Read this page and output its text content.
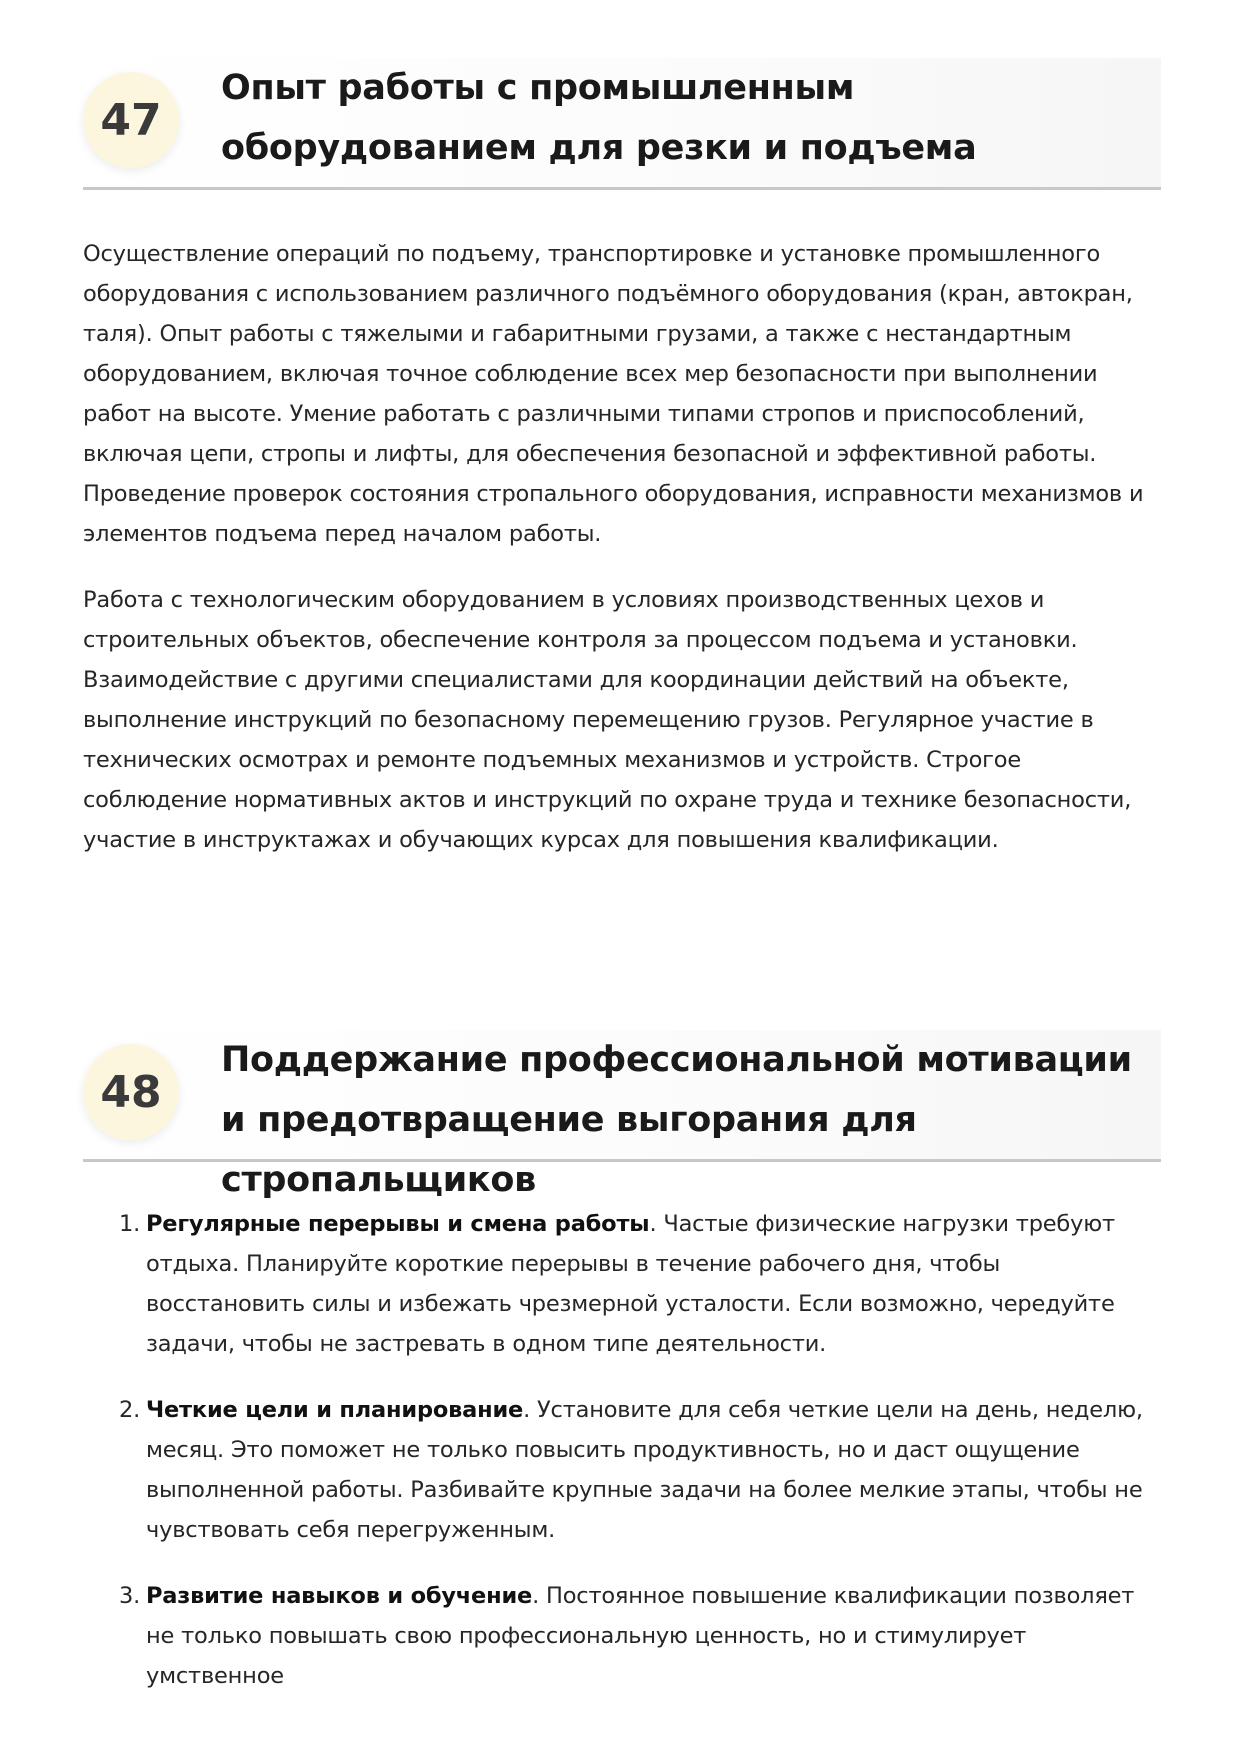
47
Опыт работы с промышленным оборудованием для резки и подъема

Осуществление операций по подъему, транспортировке и установке промышленного оборудования с использованием различного подъёмного оборудования (кран, автокран, таля). Опыт работы с тяжелыми и габаритными грузами, а также с нестандартным оборудованием, включая точное соблюдение всех мер безопасности при выполнении работ на высоте. Умение работать с различными типами стропов и приспособлений, включая цепи, стропы и лифты, для обеспечения безопасной и эффективной работы. Проведение проверок состояния стропального оборудования, исправности механизмов и элементов подъема перед началом работы.

Работа с технологическим оборудованием в условиях производственных цехов и строительных объектов, обеспечение контроля за процессом подъема и установки. Взаимодействие с другими специалистами для координации действий на объекте, выполнение инструкций по безопасному перемещению грузов. Регулярное участие в технических осмотрах и ремонте подъемных механизмов и устройств. Строгое соблюдение нормативных актов и инструкций по охране труда и технике безопасности, участие в инструктажах и обучающих курсах для повышения квалификации.

48
Поддержание профессиональной мотивации и предотвращение выгорания для стропальщиков
1. Регулярные перерывы и смена работы. Частые физические нагрузки требуют отдыха. Планируйте короткие перерывы в течение рабочего дня, чтобы восстановить силы и избежать чрезмерной усталости. Если возможно, чередуйте задачи, чтобы не застревать в одном типе деятельности.
2. Четкие цели и планирование. Установите для себя четкие цели на день, неделю, месяц. Это поможет не только повысить продуктивность, но и даст ощущение выполненной работы. Разбивайте крупные задачи на более мелкие этапы, чтобы не чувствовать себя перегруженным.
3. Развитие навыков и обучение. Постоянное повышение квалификации позволяет не только повышать свою профессиональную ценность, но и стимулирует умственное
